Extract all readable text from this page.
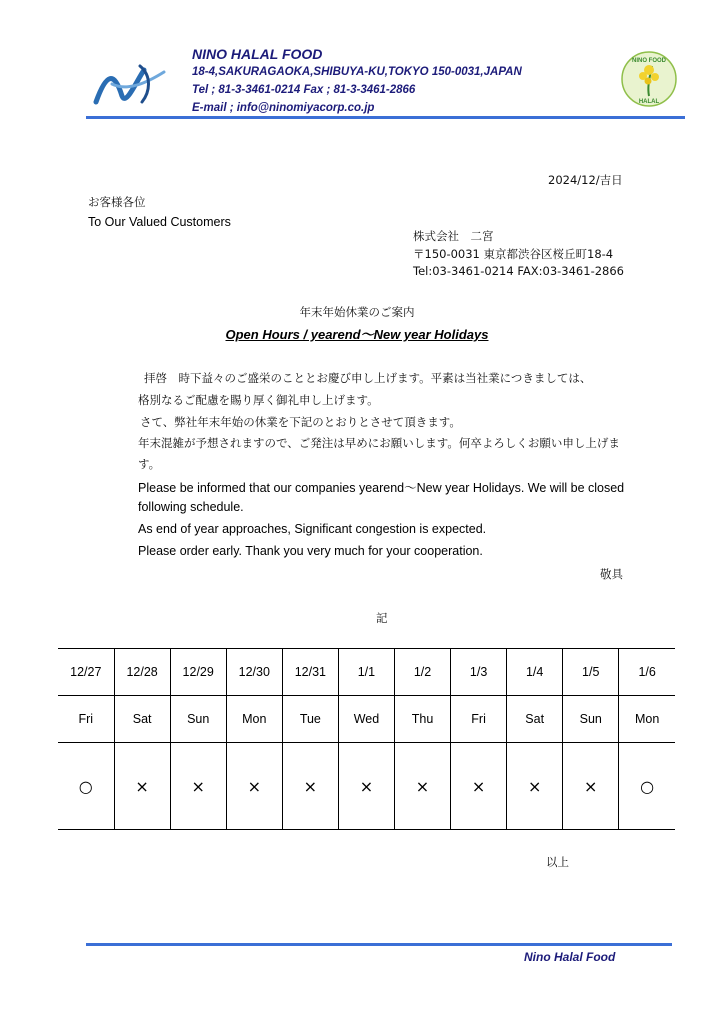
NINO HALAL FOOD
18-4,SAKURAGAOKA,SHIBUYA-KU,TOKYO 150-0031,JAPAN
Tel ; 81-3-3461-0214 Fax ; 81-3-3461-2866
E-mail ; info@ninomiyacorp.co.jp
NINO FOOD
HALAL
2024/12/吉日
お客様各位
To Our Valued Customers
株式会社　二宮
〒150-0031 東京都渋谷区桜丘町18-4
Tel:03-3461-0214 FAX:03-3461-2866
年末年始休業のご案内
Open Hours / yearend～New year Holidays
拝啓　時下益々のご盛栄のこととお慶び申し上げます。平素は当社業につきましては、
格別なるご配慮を賜り厚く御礼申し上げます。
さて、弊社年末年始の休業を下記のとおりとさせて頂きます。
年末混雑が予想されますので、ご発注は早めにお願いします。何卒よろしくお願い申し上げま
す。
Please be informed that our companies yearend～New year Holidays. We will be closed
following schedule.
As end of year approaches, Significant congestion is expected.
Please order early. Thank you very much for your cooperation.
敬具
記
12/27	12/28	12/29	12/30	12/31	1/1	1/2	1/3	1/4	1/5	1/6
Fri	Sat	Sun	Mon	Tue	Wed	Thu	Fri	Sat	Sun	Mon
○	×	×	×	×	×	×	×	×	×	○
以上
Nino Halal Food
